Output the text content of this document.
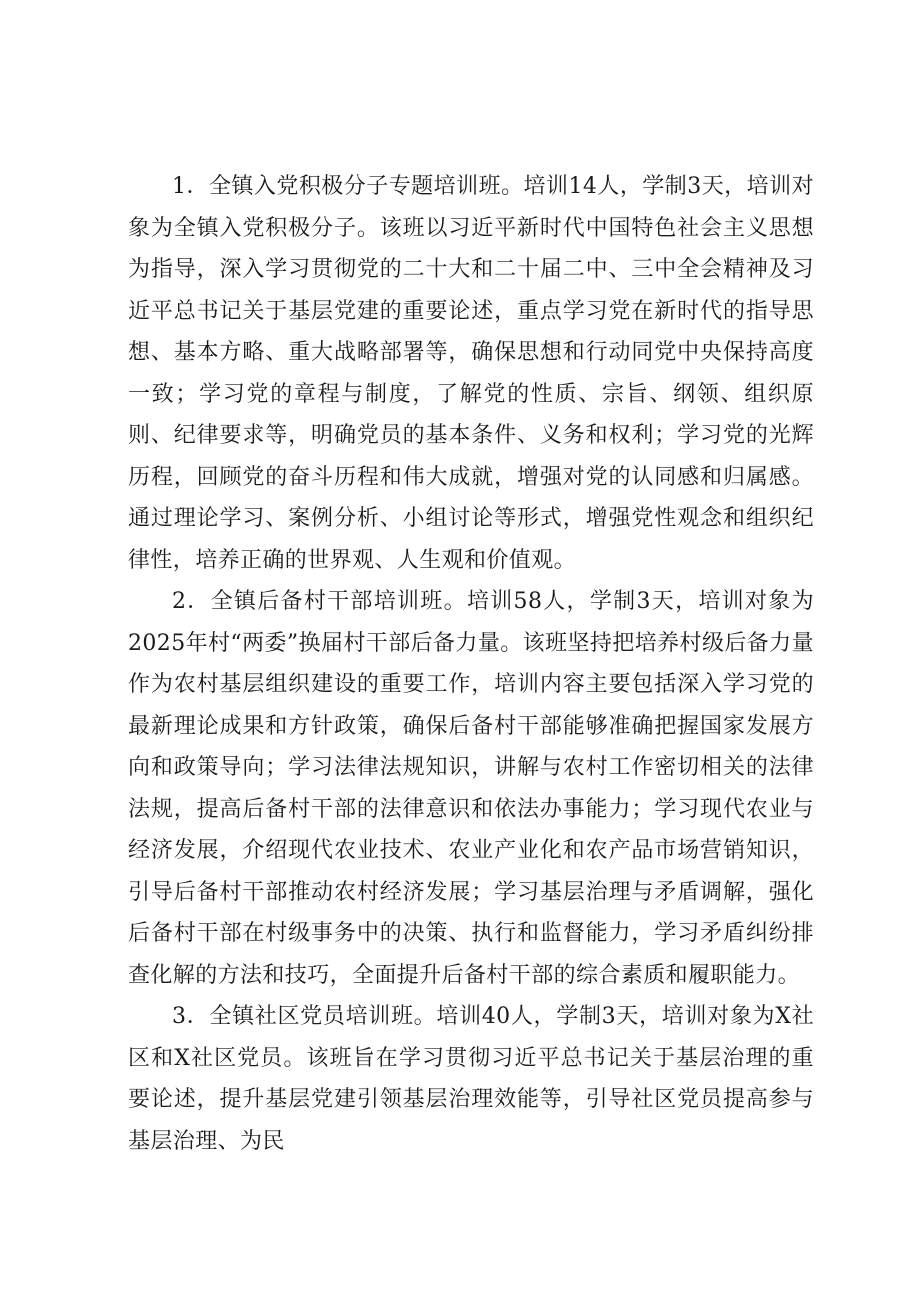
1．全镇入党积极分子专题培训班。培训14人，学制3天，培训对象为全镇入党积极分子。该班以习近平新时代中国特色社会主义思想为指导，深入学习贯彻党的二十大和二十届二中、三中全会精神及习近平总书记关于基层党建的重要论述，重点学习党在新时代的指导思想、基本方略、重大战略部署等，确保思想和行动同党中央保持高度一致；学习党的章程与制度，了解党的性质、宗旨、纲领、组织原则、纪律要求等，明确党员的基本条件、义务和权利；学习党的光辉历程，回顾党的奋斗历程和伟大成就，增强对党的认同感和归属感。通过理论学习、案例分析、小组讨论等形式，增强党性观念和组织纪律性，培养正确的世界观、人生观和价值观。

2．全镇后备村干部培训班。培训58人，学制3天，培训对象为2025年村“两委”换届村干部后备力量。该班坚持把培养村级后备力量作为农村基层组织建设的重要工作，培训内容主要包括深入学习党的最新理论成果和方针政策，确保后备村干部能够准确把握国家发展方向和政策导向；学习法律法规知识，讲解与农村工作密切相关的法律法规，提高后备村干部的法律意识和依法办事能力；学习现代农业与经济发展，介绍现代农业技术、农业产业化和农产品市场营销知识，引导后备村干部推动农村经济发展；学习基层治理与矛盾调解，强化后备村干部在村级事务中的决策、执行和监督能力，学习矛盾纠纷排查化解的方法和技巧，全面提升后备村干部的综合素质和履职能力。

3．全镇社区党员培训班。培训40人，学制3天，培训对象为X社区和X社区党员。该班旨在学习贯彻习近平总书记关于基层治理的重要论述，提升基层党建引领基层治理效能等，引导社区党员提高参与基层治理、为民
